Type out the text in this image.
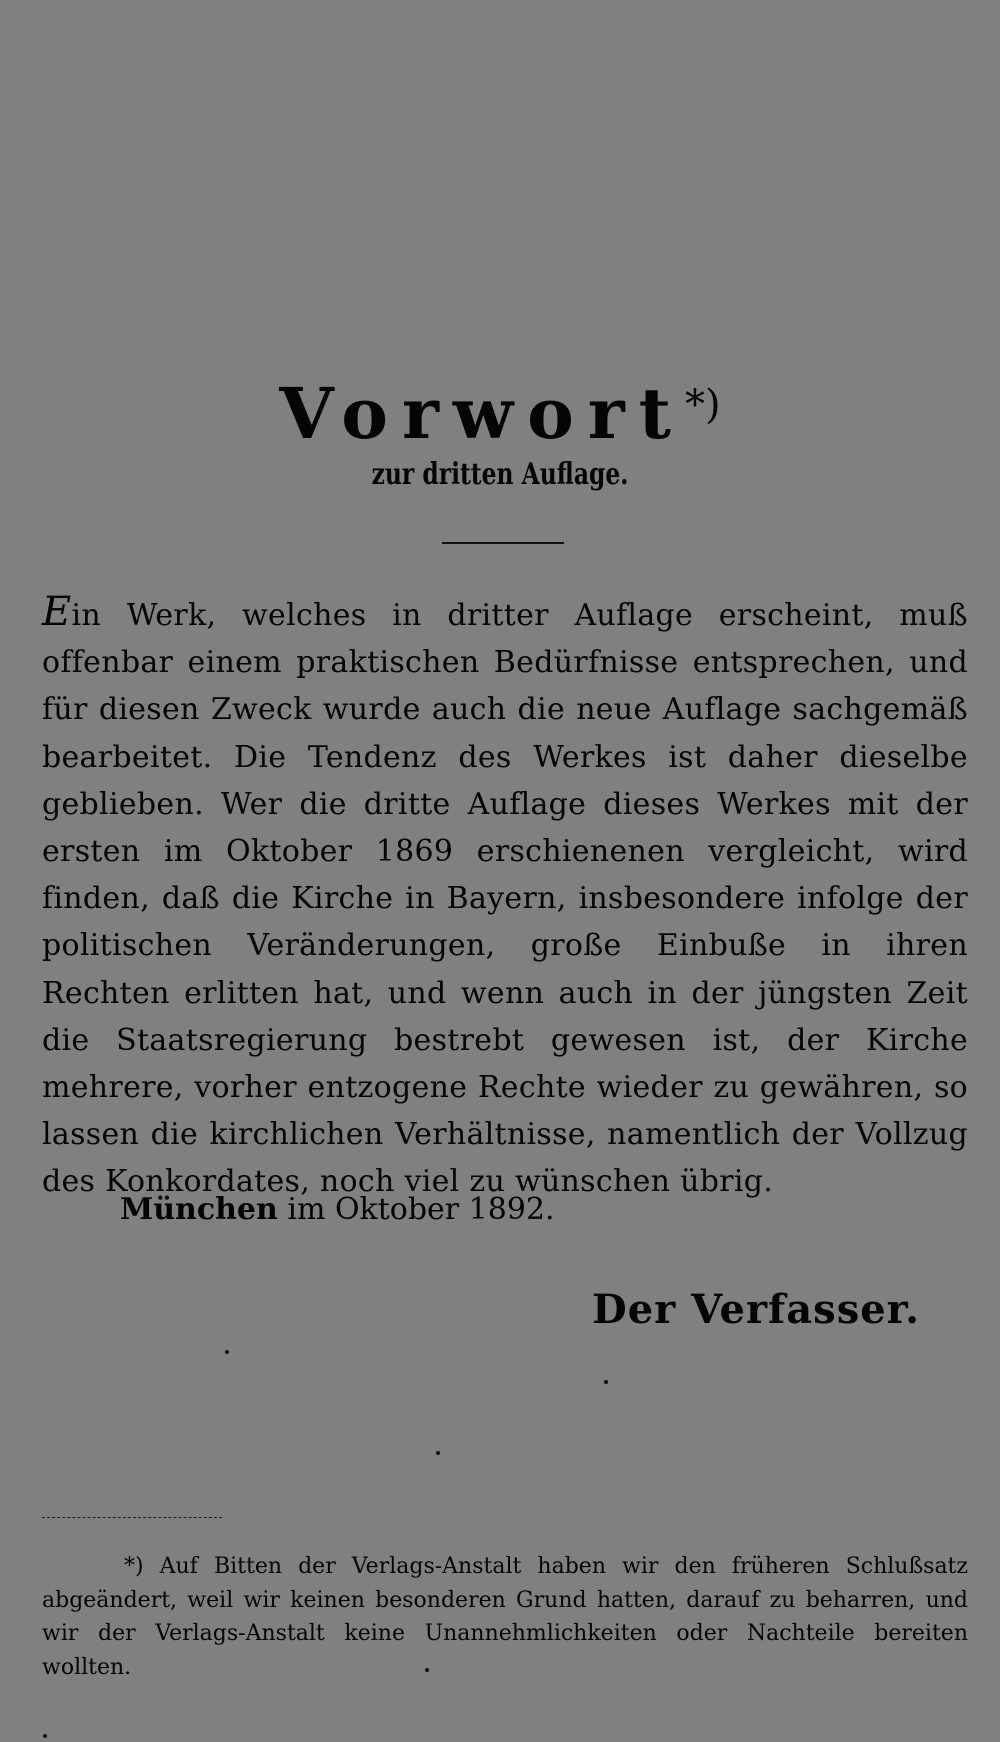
Vorwort*)
zur dritten Auflage.
Ein Werk, welches in dritter Auflage erscheint, muß offenbar einem praktischen Bedürfnisse entsprechen, und für diesen Zweck wurde auch die neue Auflage sachgemäß bearbeitet. Die Tendenz des Werkes ist daher dieselbe geblieben. Wer die dritte Auflage dieses Werkes mit der ersten im Oktober 1869 erschienenen vergleicht, wird finden, daß die Kirche in Bayern, insbesondere infolge der politischen Veränderungen, große Einbuße in ihren Rechten erlitten hat, und wenn auch in der jüngsten Zeit die Staatsregierung bestrebt gewesen ist, der Kirche mehrere, vorher entzogene Rechte wieder zu gewähren, so lassen die kirchlichen Verhältnisse, namentlich der Vollzug des Konkordates, noch viel zu wünschen übrig.
München im Oktober 1892.
Der Verfasser.
*) Auf Bitten der Verlags-Anstalt haben wir den früheren Schlußsatz abgeändert, weil wir keinen besonderen Grund hatten, darauf zu beharren, und wir der Verlags-Anstalt keine Unannehmlichkeiten oder Nachteile bereiten wollten.
